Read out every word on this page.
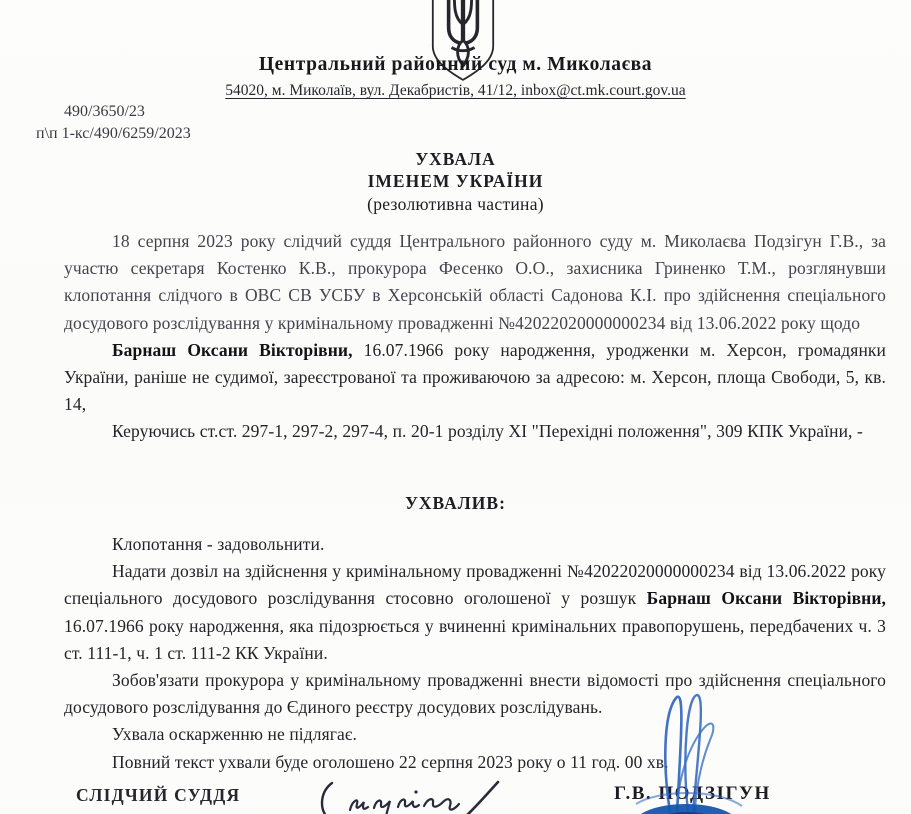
Центральний районний суд м. Миколаєва
54020, м. Миколаїв, вул. Декабристів, 41/12, inbox@ct.mk.court.gov.ua
490/3650/23
п\п 1-кс/490/6259/2023
УХВАЛА
ІМЕНЕМ УКРАЇНИ
(резолютивна частина)

18 серпня 2023 року слідчий суддя Центрального районного суду м. Миколаєва Подзігун Г.В., за участю секретаря Костенко К.В., прокурора Фесенко О.О., захисника Гриненко Т.М., розглянувши клопотання слідчого в ОВС СВ УСБУ в Херсонській області Садонова К.І. про здійснення спеціального досудового розслідування у кримінальному провадженні №42022020000000234 від 13.06.2022 року щодо

Барнаш Оксани Вікторівни, 16.07.1966 року народження, уродженки м. Херсон, громадянки України, раніше не судимої, зареєстрованої та проживаючою за адресою: м. Херсон, площа Свободи, 5, кв. 14,

Керуючись ст.ст. 297-1, 297-2, 297-4, п. 20-1 розділу XI "Перехідні положення", 309 КПК України, -

УХВАЛИВ:

Клопотання - задовольнити.

Надати дозвіл на здійснення у кримінальному провадженні №42022020000000234 від 13.06.2022 року спеціального досудового розслідування стосовно оголошеної у розшук Барнаш Оксани Вікторівни, 16.07.1966 року народження, яка підозрюється у вчиненні кримінальних правопорушень, передбачених ч. 3 ст. 111-1, ч. 1 ст. 111-2 КК України.

Зобов'язати прокурора у кримінальному провадженні внести відомості про здійснення спеціального досудового розслідування до Єдиного реєстру досудових розслідувань.

Ухвала оскарженню не підлягає.

Повний текст ухвали буде оголошено 22 серпня 2023 року о 11 год. 00 хв.

СЛІДЧИЙ СУДДЯ	Г.В. ПОДЗІГУН
